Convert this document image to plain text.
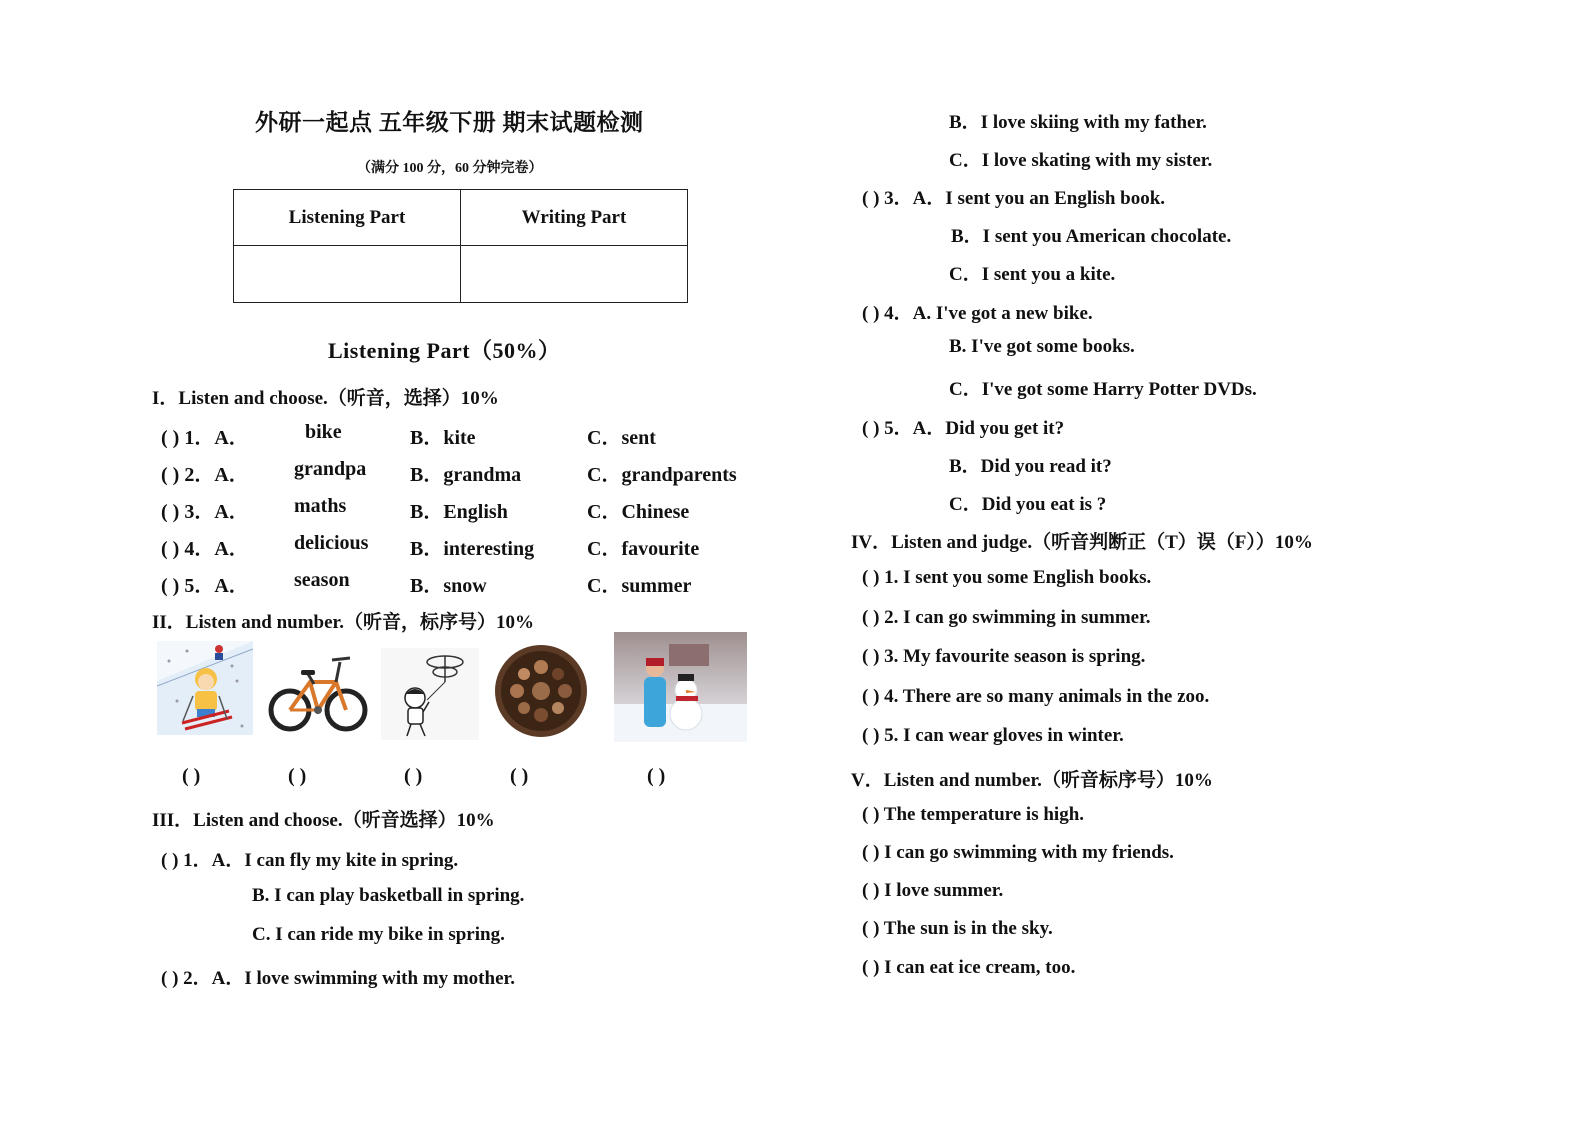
外研一起点 五年级下册 期末试题检测
（满分 100 分，60 分钟完卷）
Listening Part	Writing Part

Listening Part（50%）
I．Listen and choose.（听音，选择）10%
( ) 1．A．	bike	B．kite	C．sent
( ) 2．A． grandpa B．grandma	C．grandparents
( ) 3．A． maths	B．English	C．Chinese
( ) 4．A． delicious B．interesting	C．favourite
( ) 5．A． season	B．snow	C．summer
II．Listen and number.（听音，标序号）10%
( )	( )	( )	( )	( )
III．Listen and choose.（听音选择）10%
( ) 1．A．I can fly my kite in spring.
B. I can play basketball in spring.
C. I can ride my bike in spring.
( ) 2．A．I love swimming with my mother.
B．I love skiing with my father.
C．I love skating with my sister.
( ) 3．A．I sent you an English book.
B．I sent you American chocolate.
C．I sent you a kite.
( ) 4．A. I've got a new bike.
B. I've got some books.
C．I've got some Harry Potter DVDs.
( ) 5．A．Did you get it?
B．Did you read it?
C．Did you eat is ?
IV．Listen and judge.（听音判断正（T）误（F））10%
( ) 1. I sent you some English books.
( ) 2. I can go swimming in summer.
( ) 3. My favourite season is spring.
( ) 4. There are so many animals in the zoo.
( ) 5. I can wear gloves in winter.
V．Listen and number.（听音标序号）10%
( ) The temperature is high.
( ) I can go swimming with my friends.
( ) I love summer.
( ) The sun is in the sky.
( ) I can eat ice cream, too.
